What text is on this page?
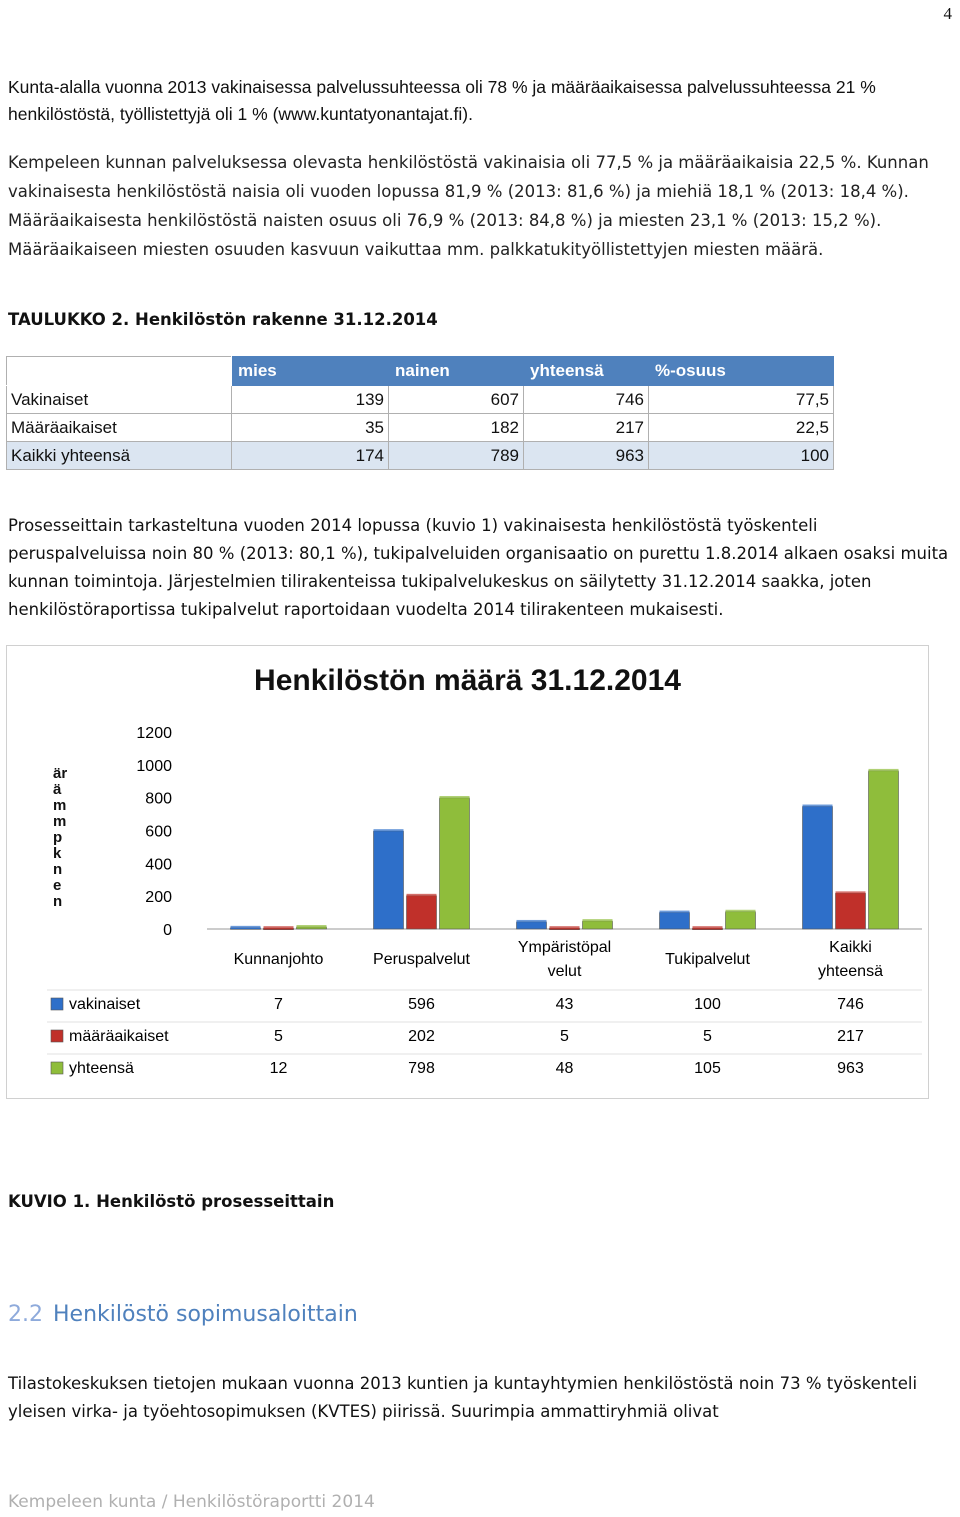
4

Kunta-alalla vuonna 2013 vakinaisessa palvelussuhteessa oli 78 % ja määräaikaisessa palvelussuhteessa 21 % henkilöstöstä, työllistettyjä oli 1 % (www.kuntatyonantajat.fi).

Kempeleen kunnan palveluksessa olevasta henkilöstöstä vakinaisia oli 77,5 % ja määräaikaisia 22,5 %. Kunnan vakinaisesta henkilöstöstä naisia oli vuoden lopussa 81,9 % (2013: 81,6 %) ja miehiä 18,1 % (2013: 18,4 %). Määräaikaisesta henkilöstöstä naisten osuus oli 76,9 % (2013: 84,8 %) ja miesten 23,1 % (2013: 15,2 %). Määräaikaiseen miesten osuuden kasvuun vaikuttaa mm. palkkatukityöllistettyjen miesten määrä.

TAULUKKO 2. Henkilöstön rakenne 31.12.2014
	mies	nainen	yhteensä	%-osuus
Vakinaiset	139	607	746	77,5
Määräaikaiset	35	182	217	22,5
Kaikki yhteensä	174	789	963	100

Prosesseittain tarkasteltuna vuoden 2014 lopussa (kuvio 1) vakinaisesta henkilöstöstä työskenteli peruspalveluissa noin 80 % (2013: 80,1 %), tukipalveluiden organisaatio on purettu 1.8.2014 alkaen osaksi muita kunnan toimintoja. Järjestelmien tilirakenteissa tukipalvelukeskus on säilytetty 31.12.2014 saakka, joten henkilöstöraportissa tukipalvelut raportoidaan vuodelta 2014 tilirakenteen mukaisesti.

Henkilöstön määrä 31.12.2014
ärä mm pknen
0
200
400
600
800
1000
1200
Kunnanjohto	Peruspalvelut
Ympäristöpal
velut
Tukipalvelut
Kaikki
yhteensä
vakinaiset	7	596	43	100	746
määräaikaiset	5	202	5	5	217
yhteensä	12	798	48	105	963
KUVIO 1. Henkilöstö prosesseittain
2.2 Henkilöstö sopimusaloittain

Tilastokeskuksen tietojen mukaan vuonna 2013 kuntien ja kuntayhtymien henkilöstöstä noin 73 % työskenteli yleisen virka- ja työehtosopimuksen (KVTES) piirissä. Suurimpia ammattiryhmiä olivat

Kempeleen kunta / Henkilöstöraportti 2014
